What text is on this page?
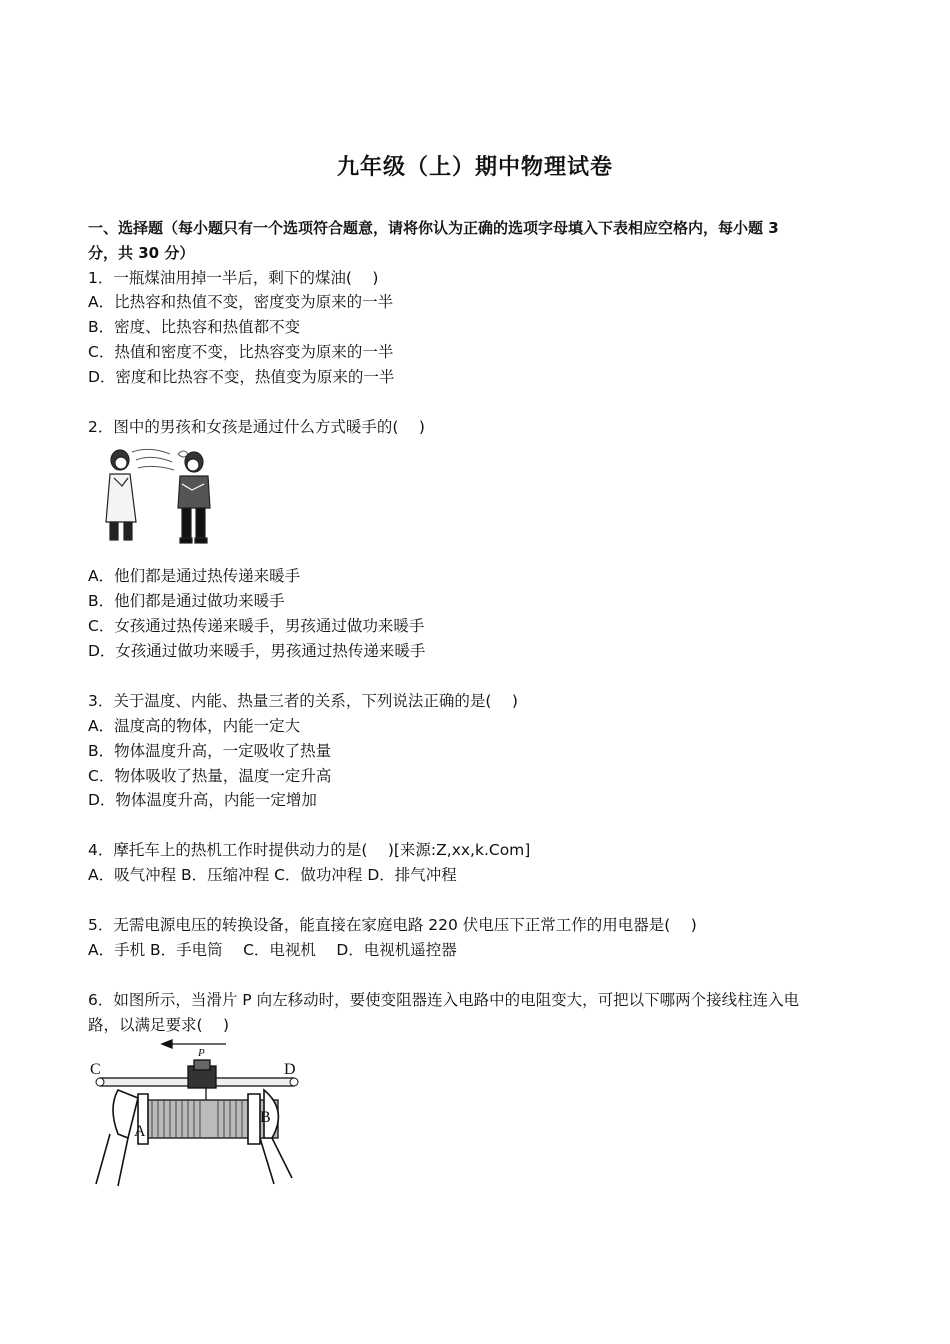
九年级（上）期中物理试卷
一、选择题（每小题只有一个选项符合题意，请将你认为正确的选项字母填入下表相应空格内，每小题 3
分，共 30 分）
1．一瓶煤油用掉一半后，剩下的煤油(　 )
A．比热容和热值不变，密度变为原来的一半
B．密度、比热容和热值都不变
C．热值和密度不变，比热容变为原来的一半
D．密度和比热容不变，热值变为原来的一半
2．图中的男孩和女孩是通过什么方式暖手的(　 )
A．他们都是通过热传递来暖手
B．他们都是通过做功来暖手
C．女孩通过热传递来暖手，男孩通过做功来暖手
D．女孩通过做功来暖手，男孩通过热传递来暖手
3．关于温度、内能、热量三者的关系，下列说法正确的是(　 )
A．温度高的物体，内能一定大
B．物体温度升高，一定吸收了热量
C．物体吸收了热量，温度一定升高
D．物体温度升高，内能一定增加
4．摩托车上的热机工作时提供动力的是(　 )[来源:Z,xx,k.Com]
A．吸气冲程 B．压缩冲程 C．做功冲程 D．排气冲程
5．无需电源电压的转换设备，能直接在家庭电路 220 伏电压下正常工作的用电器是(　 )
A．手机 B．手电筒　 C．电视机　 D．电视机遥控器
6．如图所示，当滑片 P 向左移动时，要使变阻器连入电路中的电阻变大，可把以下哪两个接线柱连入电
路，以满足要求(　 )
P
C	D
A
B
